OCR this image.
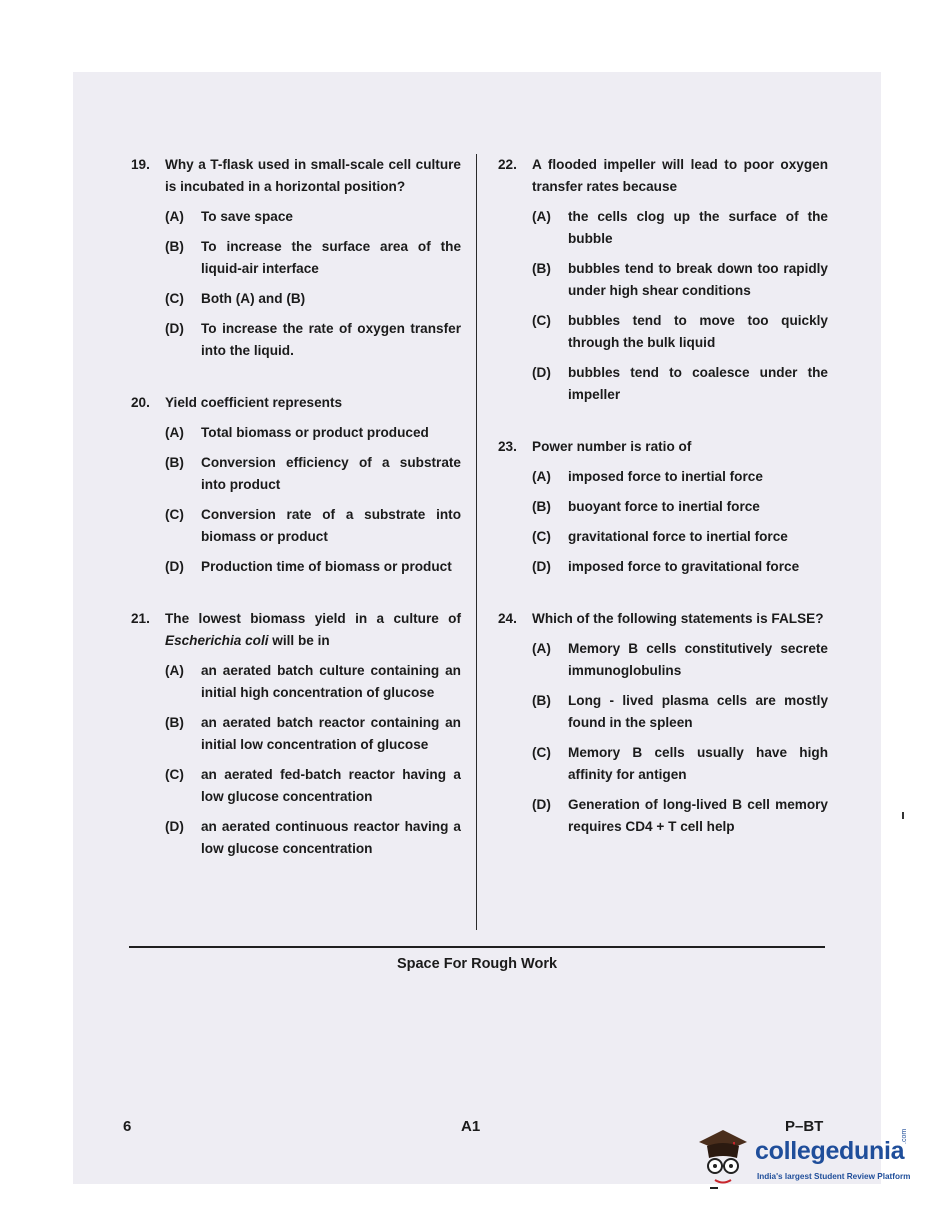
19. Why a T-flask used in small-scale cell culture is incubated in a horizontal position?
(A) To save space
(B) To increase the surface area of the liquid-air interface
(C) Both (A) and (B)
(D) To increase the rate of oxygen transfer into the liquid.
20. Yield coefficient represents
(A) Total biomass or product produced
(B) Conversion efficiency of a substrate into product
(C) Conversion rate of a substrate into biomass or product
(D) Production time of biomass or product
21. The lowest biomass yield in a culture of Escherichia coli will be in
(A) an aerated batch culture containing an initial high concentration of glucose
(B) an aerated batch reactor containing an initial low concentration of glucose
(C) an aerated fed-batch reactor having a low glucose concentration
(D) an aerated continuous reactor having a low glucose concentration
22. A flooded impeller will lead to poor oxygen transfer rates because
(A) the cells clog up the surface of the bubble
(B) bubbles tend to break down too rapidly under high shear conditions
(C) bubbles tend to move too quickly through the bulk liquid
(D) bubbles tend to coalesce under the impeller
23. Power number is ratio of
(A) imposed force to inertial force
(B) buoyant force to inertial force
(C) gravitational force to inertial force
(D) imposed force to gravitational force
24. Which of the following statements is FALSE?
(A) Memory B cells constitutively secrete immunoglobulins
(B) Long - lived plasma cells are mostly found in the spleen
(C) Memory B cells usually have high affinity for antigen
(D) Generation of long-lived B cell memory requires CD4 + T cell help
Space For Rough Work
6	A1	P–BT
collegedunia
.com
India's largest Student Review Platform
